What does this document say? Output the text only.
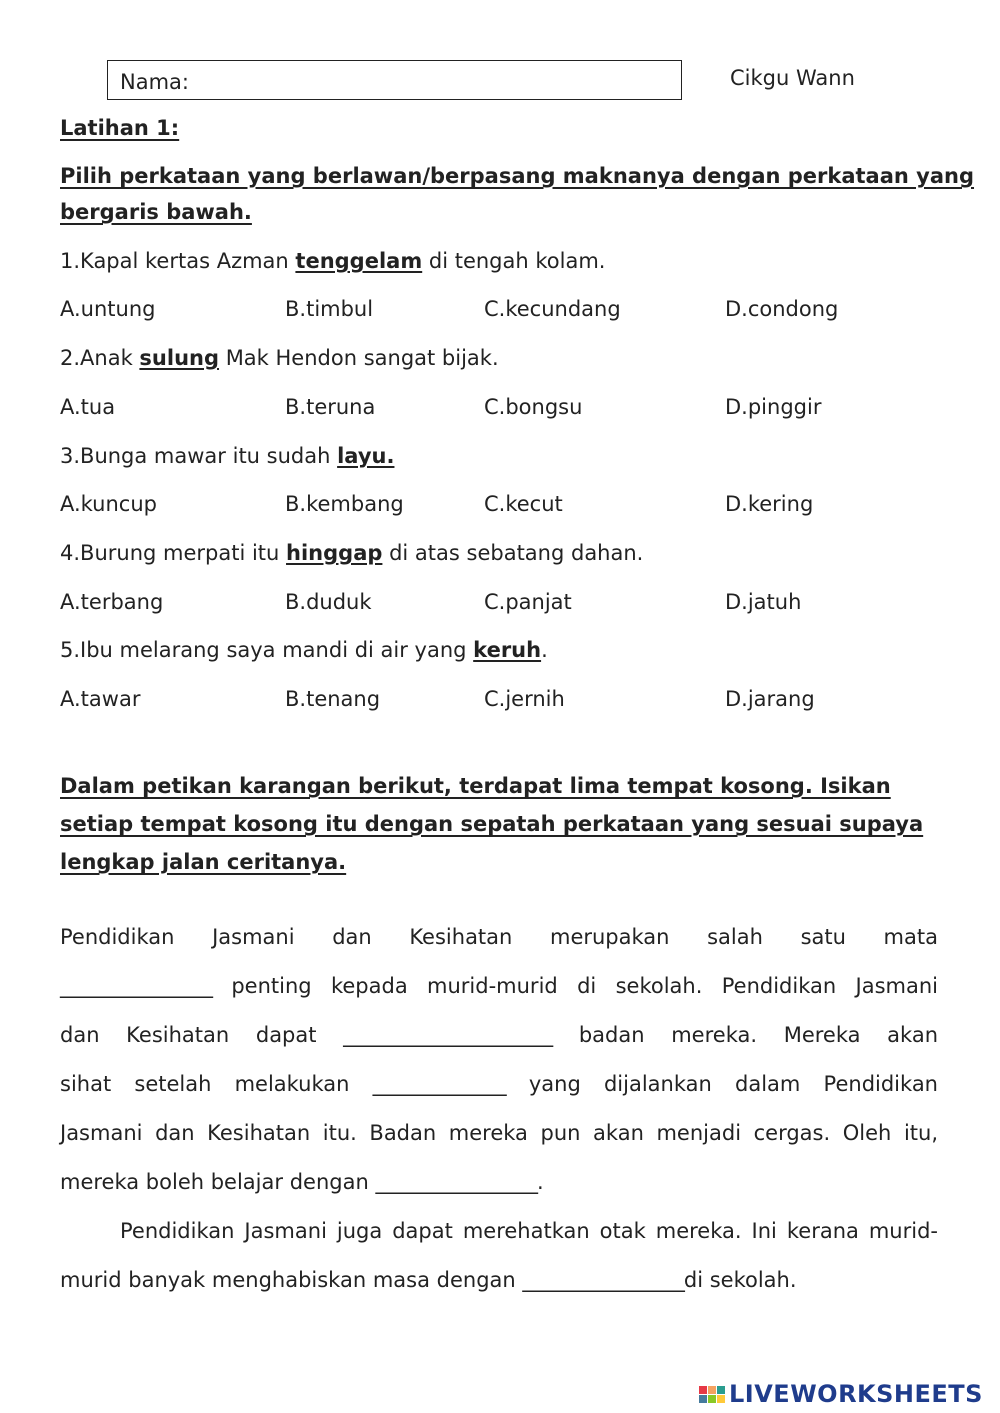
Nama:	Cikgu Wann
Latihan 1:
Pilih perkataan yang berlawan/berpasang maknanya dengan perkataan yang
bergaris bawah.
1.Kapal kertas Azman tenggelam di tengah kolam.
A.untung	B.timbul	C.kecundang	D.condong
2.Anak sulung Mak Hendon sangat bijak.
A.tua	B.teruna	C.bongsu	D.pinggir
3.Bunga mawar itu sudah layu.
A.kuncup	B.kembang	C.kecut	D.kering
4.Burung merpati itu hinggap di atas sebatang dahan.
A.terbang	B.duduk	C.panjat	D.jatuh
5.Ibu melarang saya mandi di air yang keruh.
A.tawar	B.tenang	C.jernih	D.jarang
Dalam petikan karangan berikut, terdapat lima tempat kosong. Isikan
setiap tempat kosong itu dengan sepatah perkataan yang sesuai supaya
lengkap jalan ceritanya.
Pendidikan Jasmani dan Kesihatan merupakan salah satu mata
________________ penting kepada murid-murid di sekolah. Pendidikan Jasmani
dan Kesihatan dapat ______________________ badan mereka. Mereka akan
sihat setelah melakukan ______________ yang dijalankan dalam Pendidikan
Jasmani dan Kesihatan itu. Badan mereka pun akan menjadi cergas. Oleh itu,
mereka boleh belajar dengan _________________.
Pendidikan Jasmani juga dapat merehatkan otak mereka. Ini kerana murid-
murid banyak menghabiskan masa dengan _________________di sekolah.
LIVEWORKSHEETS
